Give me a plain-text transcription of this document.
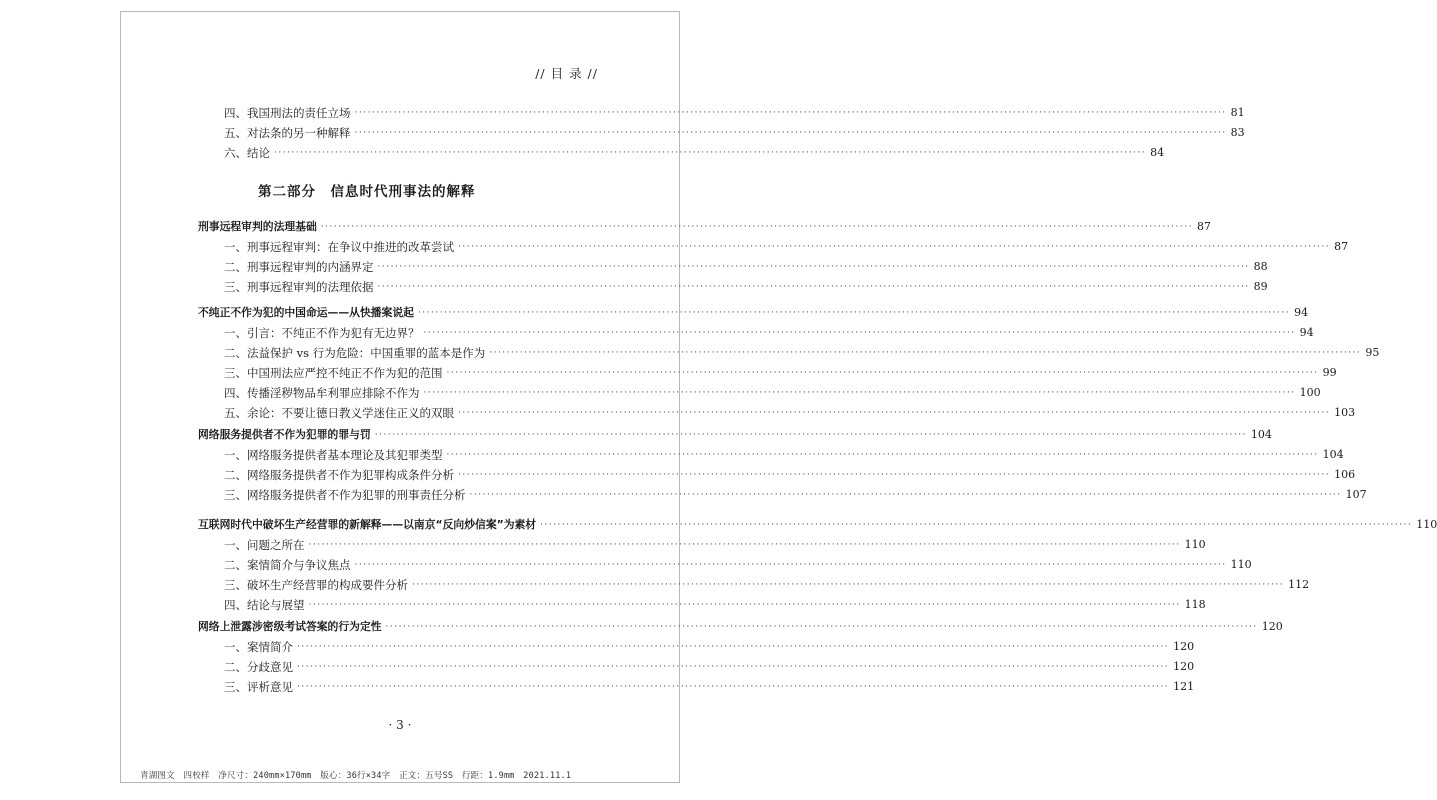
// 目 录 //
四、我国刑法的责任立场 ········································································································································································································ 81
五、对法条的另一种解释 ········································································································································································································ 83
六、结论 ········································································································································································································ 84
刑事远程审判的法理基础 ········································································································································································································ 87
一、刑事远程审判：在争议中推进的改革尝试 ········································································································································································································ 87
二、刑事远程审判的内涵界定 ········································································································································································································ 88
三、刑事远程审判的法理依据 ········································································································································································································ 89
不纯正不作为犯的中国命运——从快播案说起 ········································································································································································································ 94
一、引言：不纯正不作为犯有无边界？ ········································································································································································································ 94
二、法益保护 vs 行为危险：中国重罪的蓝本是作为 ········································································································································································································ 95
三、中国刑法应严控不纯正不作为犯的范围 ········································································································································································································ 99
四、传播淫秽物品牟利罪应排除不作为 ········································································································································································································ 100
五、余论：不要让德日教义学迷住正义的双眼 ········································································································································································································ 103
网络服务提供者不作为犯罪的罪与罚 ········································································································································································································ 104
一、网络服务提供者基本理论及其犯罪类型 ········································································································································································································ 104
二、网络服务提供者不作为犯罪构成条件分析 ········································································································································································································ 106
三、网络服务提供者不作为犯罪的刑事责任分析 ········································································································································································································ 107
互联网时代中破坏生产经营罪的新解释——以南京“反向炒信案”为素材 ········································································································································································································ 110
一、问题之所在 ········································································································································································································ 110
二、案情简介与争议焦点 ········································································································································································································ 110
三、破坏生产经营罪的构成要件分析 ········································································································································································································ 112
四、结论与展望 ········································································································································································································ 118
网络上泄露涉密级考试答案的行为定性 ········································································································································································································ 120
一、案情简介 ········································································································································································································ 120
二、分歧意见 ········································································································································································································ 120
三、评析意见 ········································································································································································································ 121
第二部分　信息时代刑事法的解释
· 3 ·
青湖图文　四校样　净尺寸：240mm×170mm　版心：36行×34字　正文：五号SS　行距：1.9mm　2021.11.1
